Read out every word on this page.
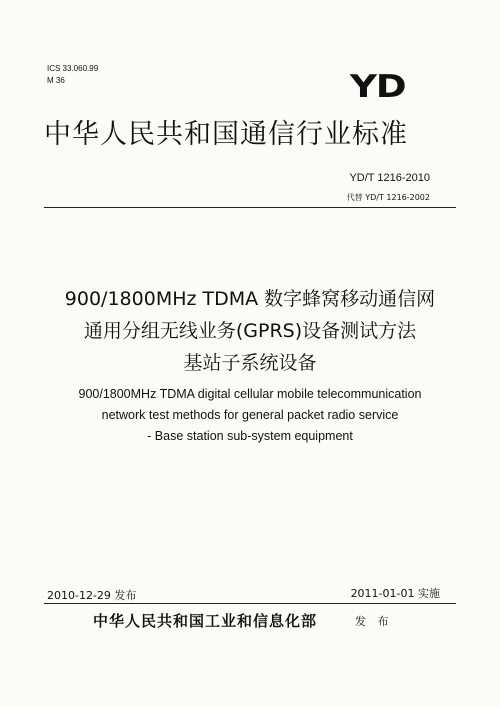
ICS 33.060.99
M 36	YD
中华人民共和国通信行业标准
YD/T 1216-2010
代替 YD/T 1216-2002
900/1800MHz TDMA 数字蜂窝移动通信网
通用分组无线业务(GPRS)设备测试方法
基站子系统设备
900/1800MHz TDMA digital cellular mobile telecommunication
network test methods for general packet radio service
- Base station sub-system equipment
2010-12-29 发布	2011-01-01 实施
中华人民共和国工业和信息化部	发 布
